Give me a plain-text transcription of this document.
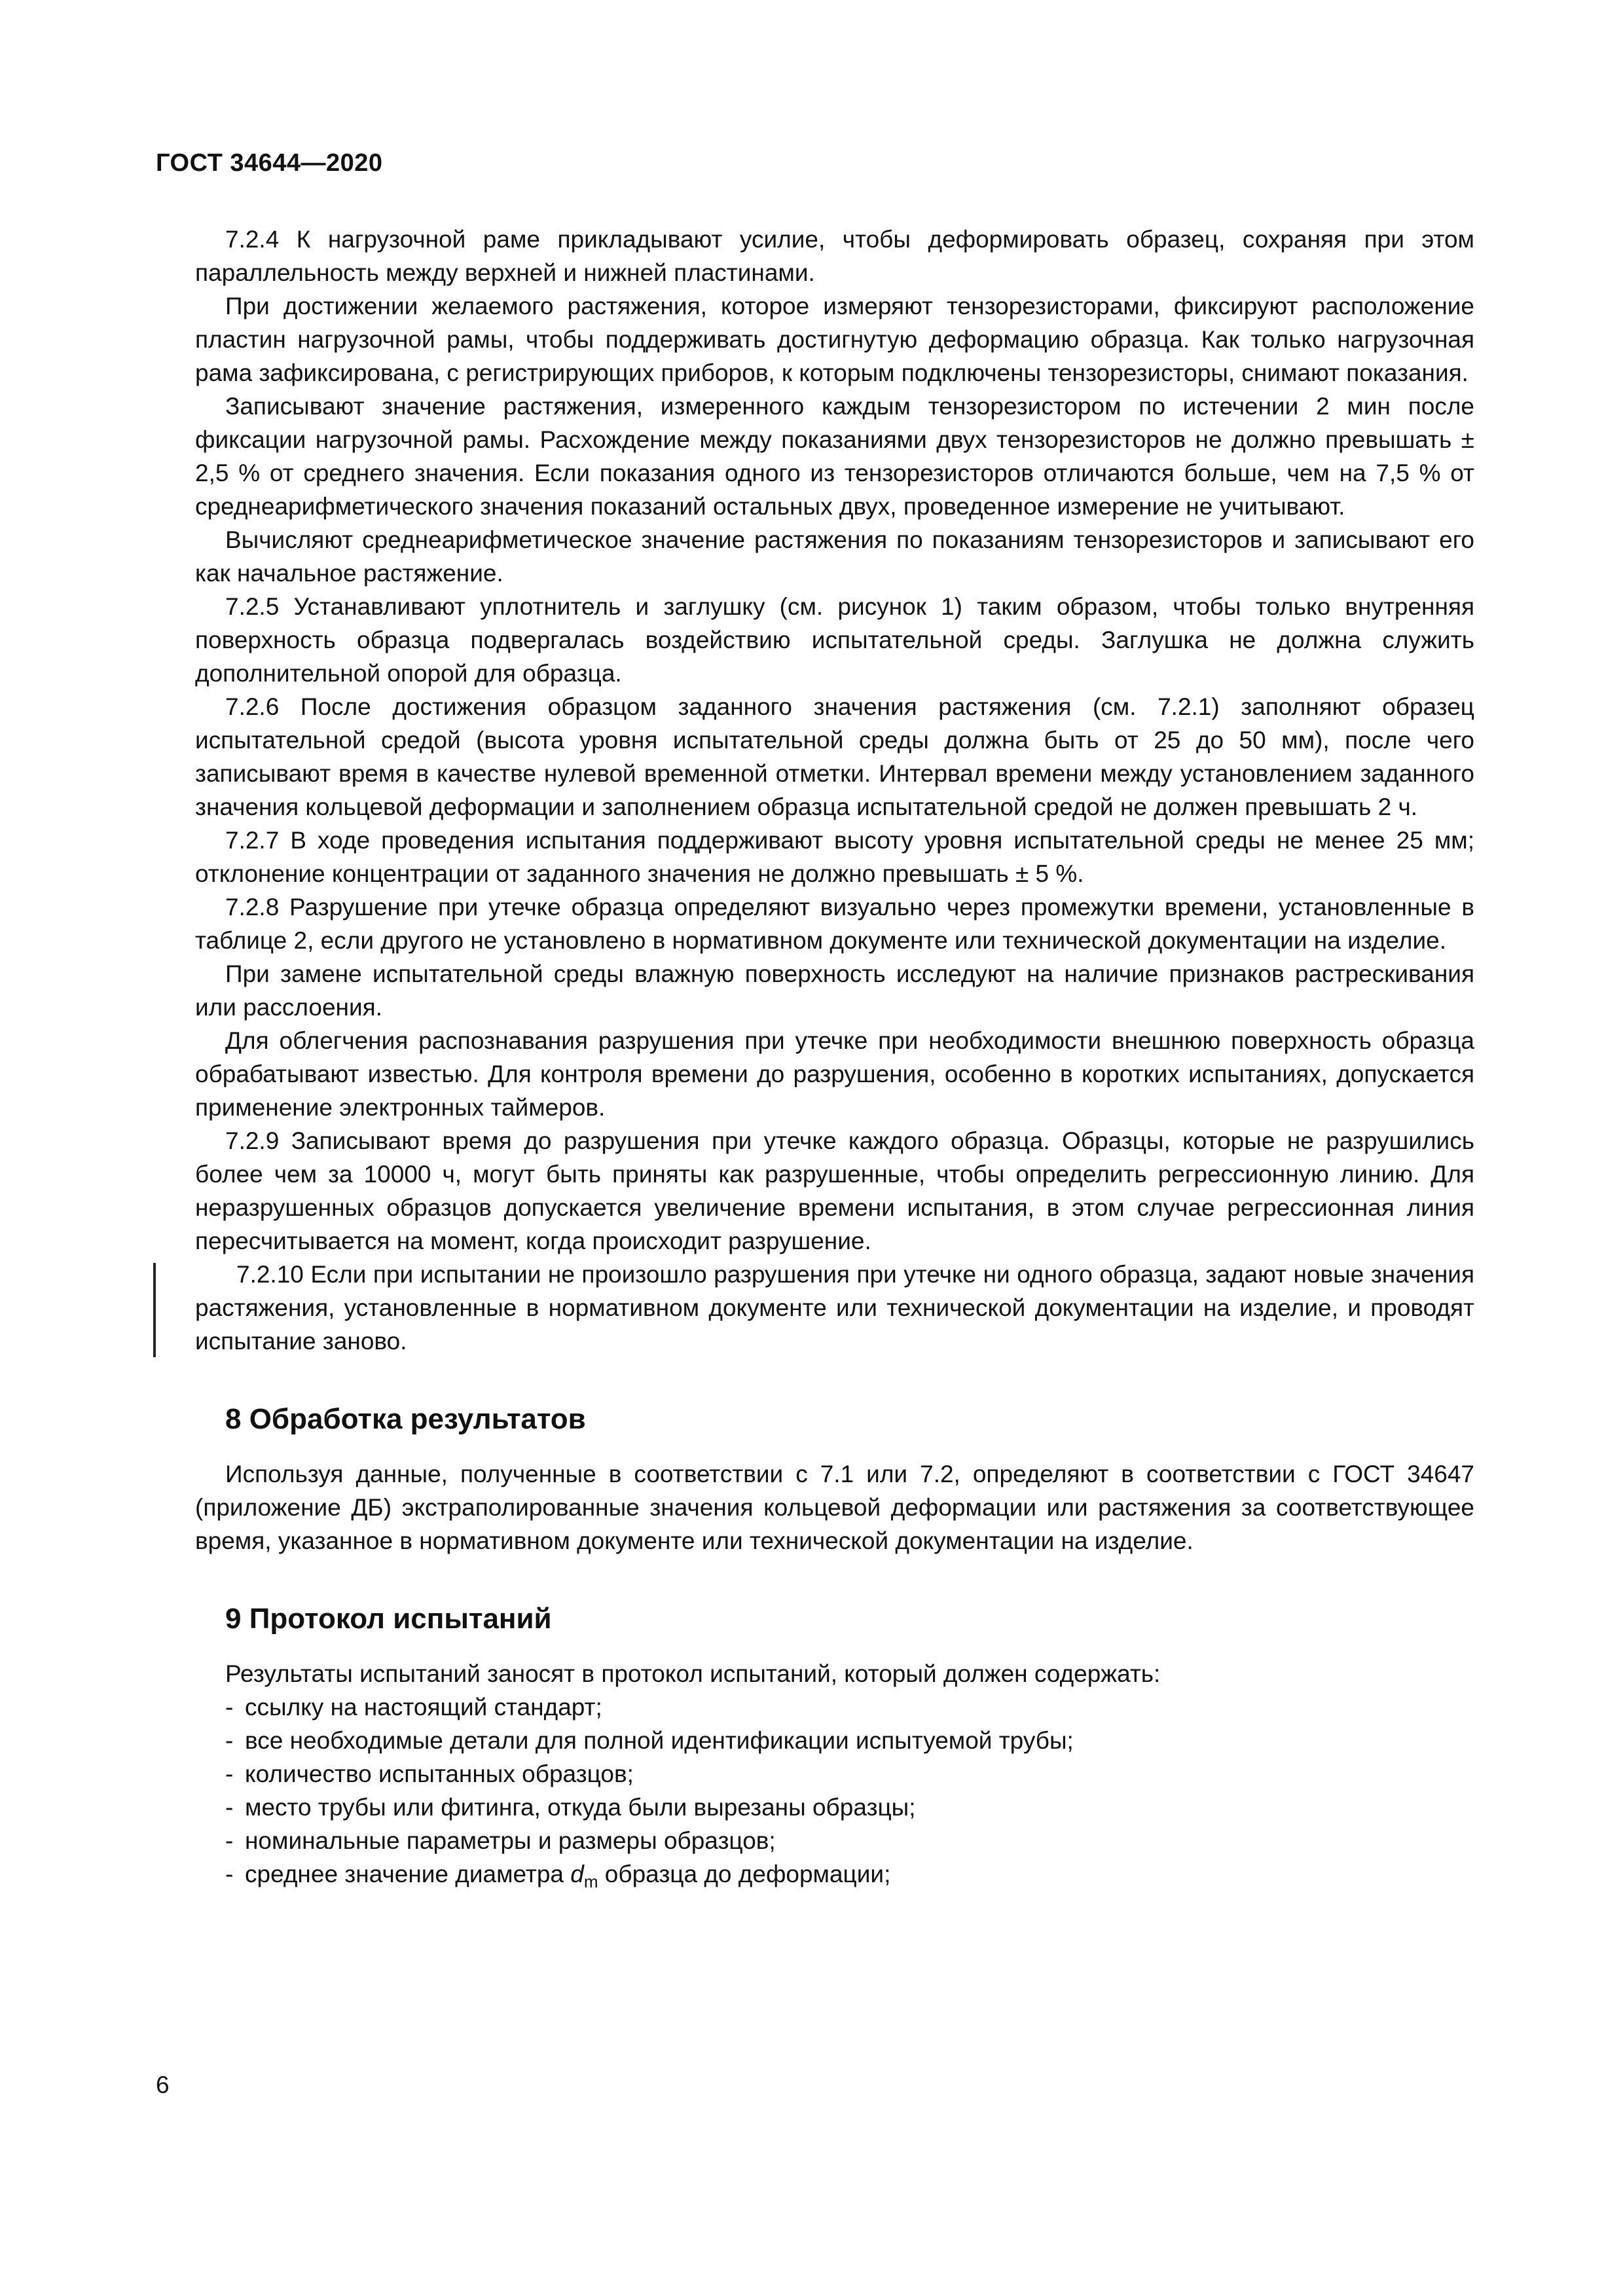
ГОСТ 34644—2020

7.2.4 К нагрузочной раме прикладывают усилие, чтобы деформировать образец, сохраняя при этом параллельность между верхней и нижней пластинами.

При достижении желаемого растяжения, которое измеряют тензорезисторами, фиксируют расположение пластин нагрузочной рамы, чтобы поддерживать достигнутую деформацию образца. Как только нагрузочная рама зафиксирована, с регистрирующих приборов, к которым подключены тензорезисторы, снимают показания.

Записывают значение растяжения, измеренного каждым тензорезистором по истечении 2 мин после фиксации нагрузочной рамы. Расхождение между показаниями двух тензорезисторов не должно превышать ± 2,5 % от среднего значения. Если показания одного из тензорезисторов отличаются больше, чем на 7,5 % от среднеарифметического значения показаний остальных двух, проведенное измерение не учитывают.

Вычисляют среднеарифметическое значение растяжения по показаниям тензорезисторов и записывают его как начальное растяжение.

7.2.5 Устанавливают уплотнитель и заглушку (см. рисунок 1) таким образом, чтобы только внутренняя поверхность образца подвергалась воздействию испытательной среды. Заглушка не должна служить дополнительной опорой для образца.

7.2.6 После достижения образцом заданного значения растяжения (см. 7.2.1) заполняют образец испытательной средой (высота уровня испытательной среды должна быть от 25 до 50 мм), после чего записывают время в качестве нулевой временной отметки. Интервал времени между установлением заданного значения кольцевой деформации и заполнением образца испытательной средой не должен превышать 2 ч.

7.2.7 В ходе проведения испытания поддерживают высоту уровня испытательной среды не менее 25 мм; отклонение концентрации от заданного значения не должно превышать ± 5 %.

7.2.8 Разрушение при утечке образца определяют визуально через промежутки времени, установленные в таблице 2, если другого не установлено в нормативном документе или технической документации на изделие.

При замене испытательной среды влажную поверхность исследуют на наличие признаков растрескивания или расслоения.

Для облегчения распознавания разрушения при утечке при необходимости внешнюю поверхность образца обрабатывают известью. Для контроля времени до разрушения, особенно в коротких испытаниях, допускается применение электронных таймеров.

7.2.9 Записывают время до разрушения при утечке каждого образца. Образцы, которые не разрушились более чем за 10000 ч, могут быть приняты как разрушенные, чтобы определить регрессионную линию. Для неразрушенных образцов допускается увеличение времени испытания, в этом случае регрессионная линия пересчитывается на момент, когда происходит разрушение.

7.2.10 Если при испытании не произошло разрушения при утечке ни одного образца, задают новые значения растяжения, установленные в нормативном документе или технической документации на изделие, и проводят испытание заново.

8 Обработка результатов

Используя данные, полученные в соответствии с 7.1 или 7.2, определяют в соответствии с ГОСТ 34647 (приложение ДБ) экстраполированные значения кольцевой деформации или растяжения за соответствующее время, указанное в нормативном документе или технической документации на изделие.

9 Протокол испытаний

Результаты испытаний заносят в протокол испытаний, который должен содержать:

- ссылку на настоящий стандарт;
- все необходимые детали для полной идентификации испытуемой трубы;
- количество испытанных образцов;
- место трубы или фитинга, откуда были вырезаны образцы;
- номинальные параметры и размеры образцов;
- среднее значение диаметра $d_m$ образца до деформации;
6
